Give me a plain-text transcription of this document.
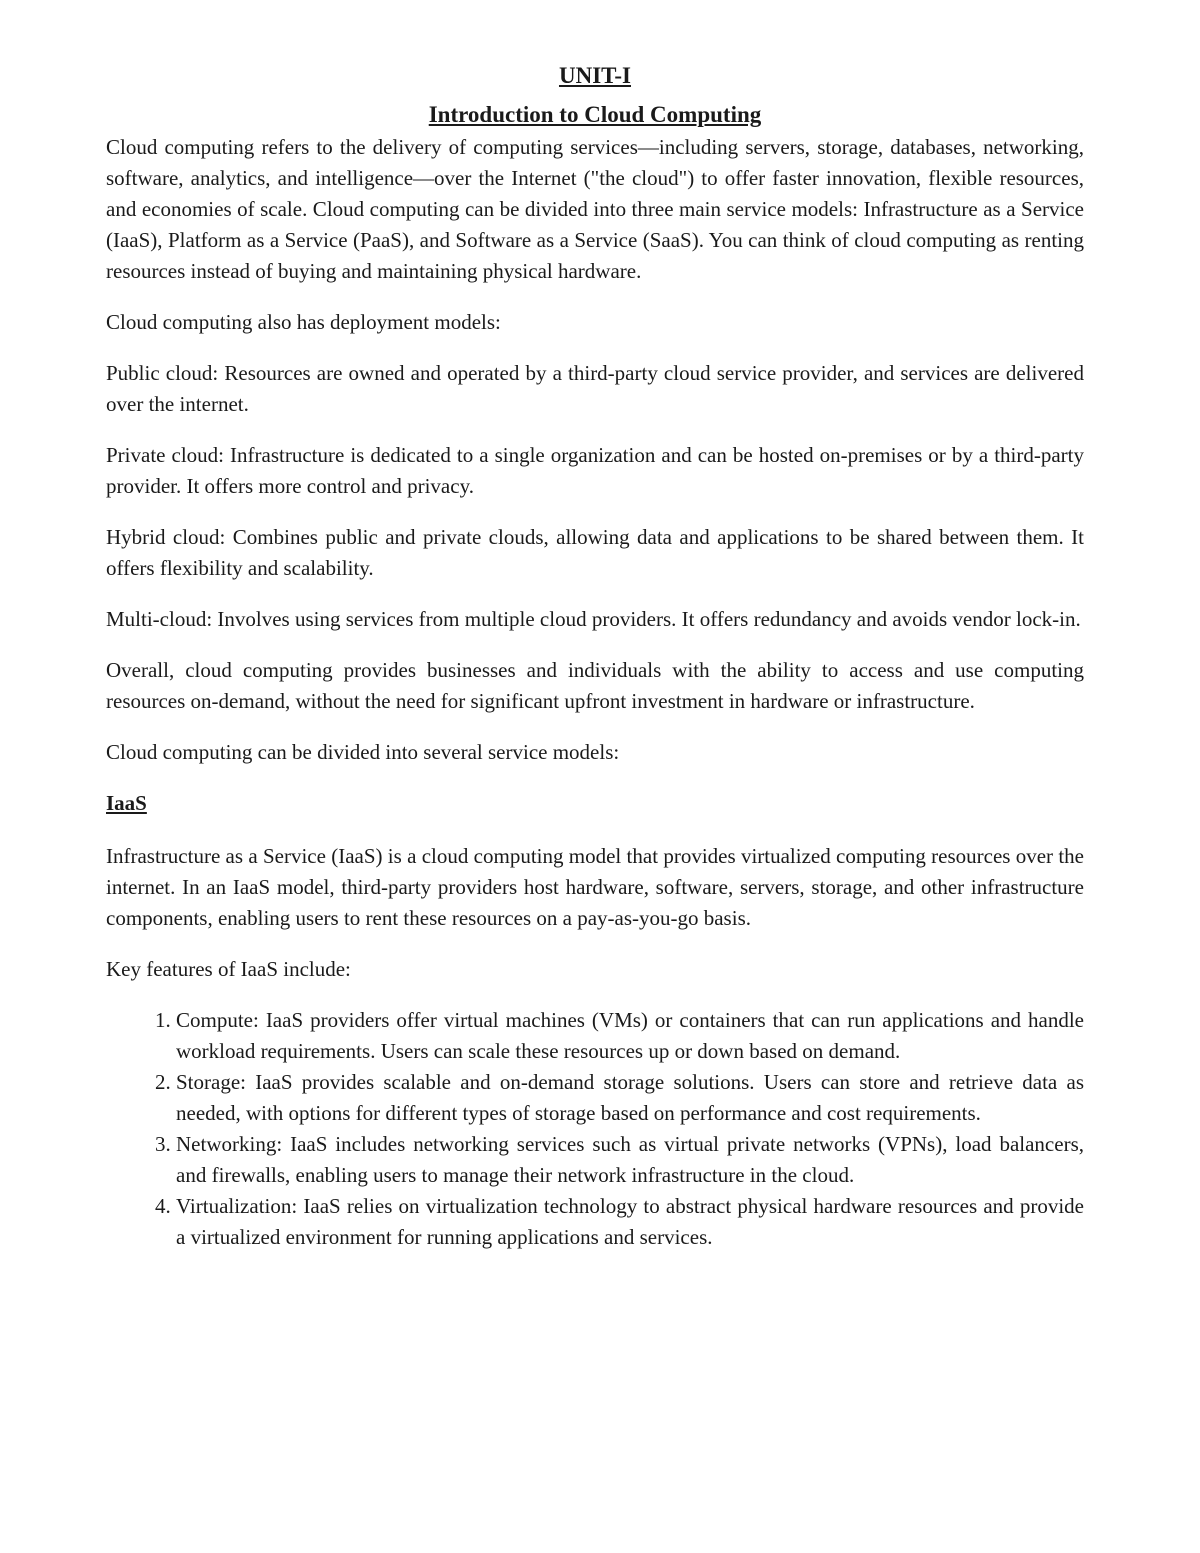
UNIT-I
Introduction to Cloud Computing

Cloud computing refers to the delivery of computing services—including servers, storage, databases, networking, software, analytics, and intelligence—over the Internet ("the cloud") to offer faster innovation, flexible resources, and economies of scale. Cloud computing can be divided into three main service models: Infrastructure as a Service (IaaS), Platform as a Service (PaaS), and Software as a Service (SaaS). You can think of cloud computing as renting resources instead of buying and maintaining physical hardware.

Cloud computing also has deployment models:

Public cloud: Resources are owned and operated by a third-party cloud service provider, and services are delivered over the internet.

Private cloud: Infrastructure is dedicated to a single organization and can be hosted on-premises or by a third-party provider. It offers more control and privacy.

Hybrid cloud: Combines public and private clouds, allowing data and applications to be shared between them. It offers flexibility and scalability.

Multi-cloud: Involves using services from multiple cloud providers. It offers redundancy and avoids vendor lock-in.

Overall, cloud computing provides businesses and individuals with the ability to access and use computing resources on-demand, without the need for significant upfront investment in hardware or infrastructure.

Cloud computing can be divided into several service models:

IaaS

Infrastructure as a Service (IaaS) is a cloud computing model that provides virtualized computing resources over the internet. In an IaaS model, third-party providers host hardware, software, servers, storage, and other infrastructure components, enabling users to rent these resources on a pay-as-you-go basis.

Key features of IaaS include:

1. Compute: IaaS providers offer virtual machines (VMs) or containers that can run applications and handle workload requirements. Users can scale these resources up or down based on demand.
2. Storage: IaaS provides scalable and on-demand storage solutions. Users can store and retrieve data as needed, with options for different types of storage based on performance and cost requirements.
3. Networking: IaaS includes networking services such as virtual private networks (VPNs), load balancers, and firewalls, enabling users to manage their network infrastructure in the cloud.
4. Virtualization: IaaS relies on virtualization technology to abstract physical hardware resources and provide a virtualized environment for running applications and services.
